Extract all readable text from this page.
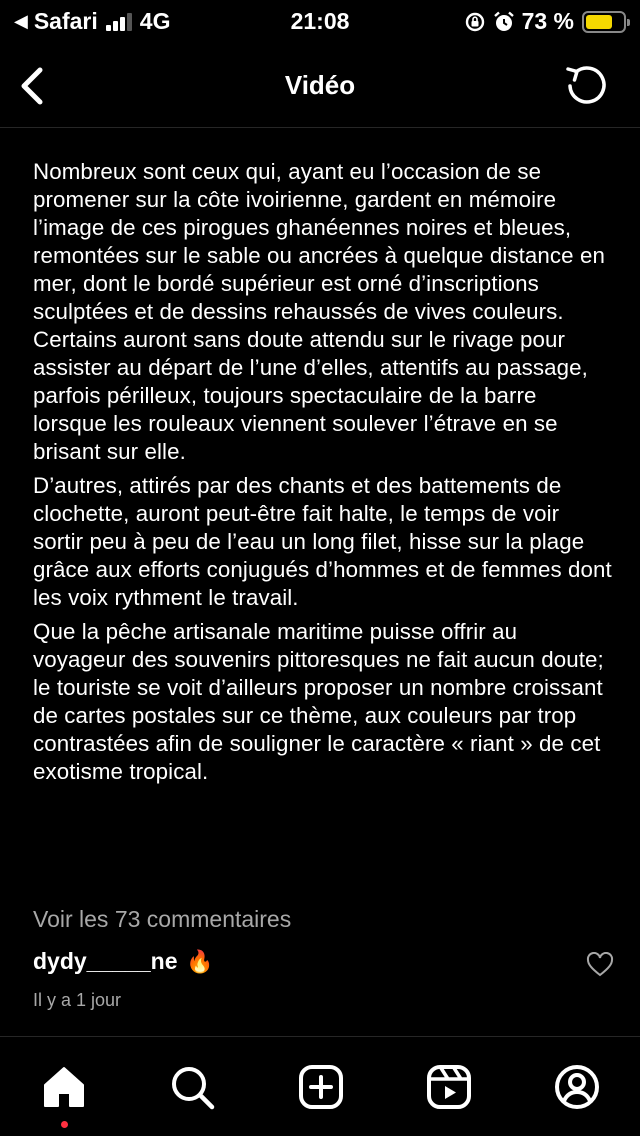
◀ Safari 4G	21:08	73 %
Vidéo

Nombreux sont ceux qui, ayant eu l’occasion de se promener sur la côte ivoirienne, gardent en mémoire l’image de ces pirogues ghanéennes noires et bleues, remontées sur le sable ou ancrées à quelque distance en mer, dont le bordé supérieur est orné d’inscriptions sculptées et de dessins rehaussés de vives couleurs. Certains auront sans doute attendu sur le rivage pour assister au départ de l’une d’elles, attentifs au passage, parfois périlleux, toujours spectaculaire de la barre lorsque les rouleaux viennent soulever l’étrave en se brisant sur elle.

D’autres, attirés par des chants et des battements de clochette, auront peut-être fait halte, le temps de voir sortir peu à peu de l’eau un long filet, hisse sur la plage grâce aux efforts conjugués d’hommes et de femmes dont les voix rythment le travail.

Que la pêche artisanale maritime puisse offrir au voyageur des souvenirs pittoresques ne fait aucun doute; le touriste se voit d’ailleurs proposer un nombre croissant de cartes postales sur ce thème, aux couleurs par trop contrastées afin de souligner le caractère « riant » de cet exotisme tropical.

Voir les 73 commentaires
dydy_____ne 🔥
Il y a 1 jour
